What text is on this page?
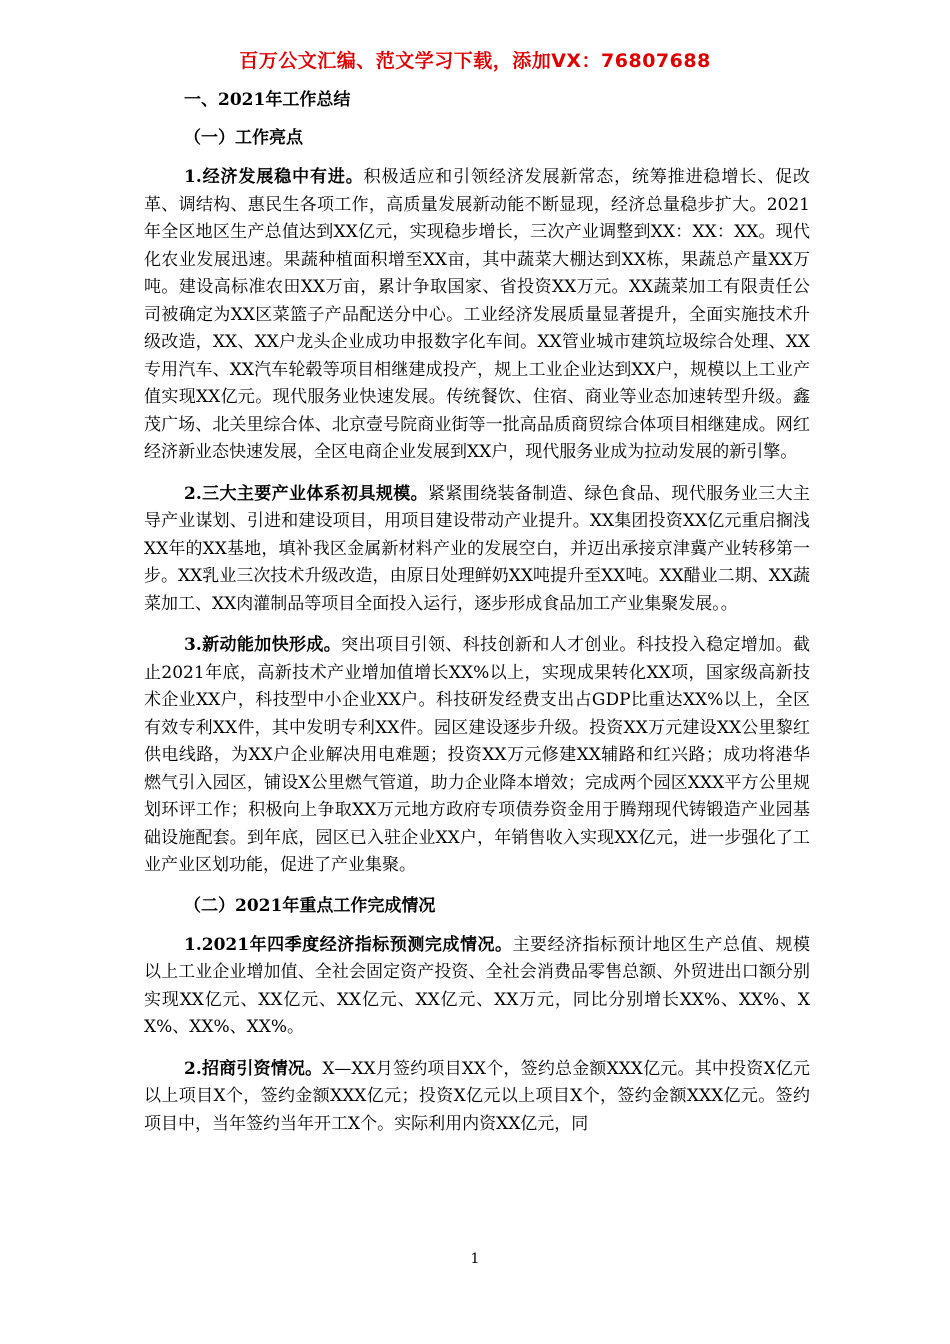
百万公文汇编、范文学习下载，添加VX：76807688
一、2021年工作总结
（一）工作亮点

1.经济发展稳中有进。积极适应和引领经济发展新常态，统筹推进稳增长、促改革、调结构、惠民生各项工作，高质量发展新动能不断显现，经济总量稳步扩大。2021年全区地区生产总值达到XX亿元，实现稳步增长，三次产业调整到XX：XX：XX。现代化农业发展迅速。果蔬种植面积增至XX亩，其中蔬菜大棚达到XX栋，果蔬总产量XX万吨。建设高标准农田XX万亩，累计争取国家、省投资XX万元。XX蔬菜加工有限责任公司被确定为XX区菜篮子产品配送分中心。工业经济发展质量显著提升，全面实施技术升级改造，XX、XX户龙头企业成功申报数字化车间。XX管业城市建筑垃圾综合处理、XX专用汽车、XX汽车轮毂等项目相继建成投产，规上工业企业达到XX户，规模以上工业产值实现XX亿元。现代服务业快速发展。传统餐饮、住宿、商业等业态加速转型升级。鑫茂广场、北关里综合体、北京壹号院商业街等一批高品质商贸综合体项目相继建成。网红经济新业态快速发展，全区电商企业发展到XX户，现代服务业成为拉动发展的新引擎。

2.三大主要产业体系初具规模。紧紧围绕装备制造、绿色食品、现代服务业三大主导产业谋划、引进和建设项目，用项目建设带动产业提升。XX集团投资XX亿元重启搁浅XX年的XX基地，填补我区金属新材料产业的发展空白，并迈出承接京津冀产业转移第一步。XX乳业三次技术升级改造，由原日处理鲜奶XX吨提升至XX吨。XX醋业二期、XX蔬菜加工、XX肉灌制品等项目全面投入运行，逐步形成食品加工产业集聚发展。。

3.新动能加快形成。突出项目引领、科技创新和人才创业。科技投入稳定增加。截止2021年底，高新技术产业增加值增长XX%以上，实现成果转化XX项，国家级高新技术企业XX户，科技型中小企业XX户。科技研发经费支出占GDP比重达XX%以上，全区有效专利XX件，其中发明专利XX件。园区建设逐步升级。投资XX万元建设XX公里黎红供电线路，为XX户企业解决用电难题；投资XX万元修建XX辅路和红兴路；成功将港华燃气引入园区，铺设X公里燃气管道，助力企业降本增效；完成两个园区XXX平方公里规划环评工作；积极向上争取XX万元地方政府专项债券资金用于腾翔现代铸锻造产业园基础设施配套。到年底，园区已入驻企业XX户，年销售收入实现XX亿元，进一步强化了工业产业区划功能，促进了产业集聚。

（二）2021年重点工作完成情况

1.2021年四季度经济指标预测完成情况。主要经济指标预计地区生产总值、规模以上工业企业增加值、全社会固定资产投资、全社会消费品零售总额、外贸进出口额分别实现XX亿元、XX亿元、XX亿元、XX亿元、XX万元，同比分别增长XX%、XX%、XX%、XX%、XX%。

2.招商引资情况。X—XX月签约项目XX个，签约总金额XXX亿元。其中投资X亿元以上项目X个，签约金额XXX亿元；投资X亿元以上项目X个，签约金额XXX亿元。签约项目中，当年签约当年开工X个。实际利用内资XX亿元，同

1
